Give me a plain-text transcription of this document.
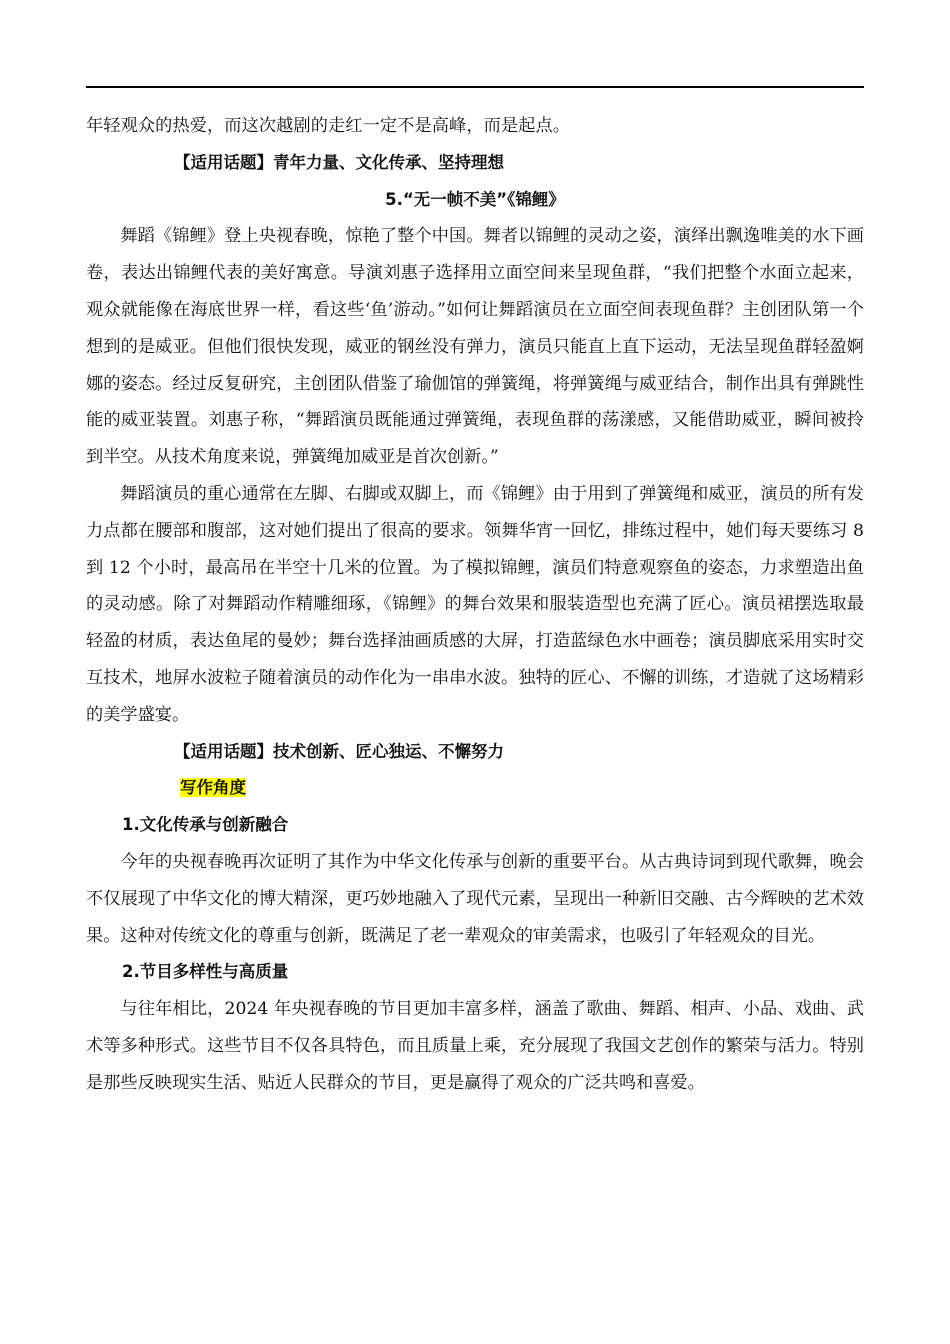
年轻观众的热爱，而这次越剧的走红一定不是高峰，而是起点。
【适用话题】青年力量、文化传承、坚持理想
5.“无一帧不美”《锦鲤》

舞蹈《锦鲤》登上央视春晚，惊艳了整个中国。舞者以锦鲤的灵动之姿，演绎出飘逸唯美的水下画卷，表达出锦鲤代表的美好寓意。导演刘惠子选择用立面空间来呈现鱼群，“我们把整个水面立起来，观众就能像在海底世界一样，看这些‘鱼’游动。”如何让舞蹈演员在立面空间表现鱼群？主创团队第一个想到的是威亚。但他们很快发现，威亚的钢丝没有弹力，演员只能直上直下运动，无法呈现鱼群轻盈婀娜的姿态。经过反复研究，主创团队借鉴了瑜伽馆的弹簧绳，将弹簧绳与威亚结合，制作出具有弹跳性能的威亚装置。刘惠子称，“舞蹈演员既能通过弹簧绳，表现鱼群的荡漾感，又能借助威亚，瞬间被拎到半空。从技术角度来说，弹簧绳加威亚是首次创新。”

舞蹈演员的重心通常在左脚、右脚或双脚上，而《锦鲤》由于用到了弹簧绳和威亚，演员的所有发力点都在腰部和腹部，这对她们提出了很高的要求。领舞华宵一回忆，排练过程中，她们每天要练习 8 到 12 个小时，最高吊在半空十几米的位置。为了模拟锦鲤，演员们特意观察鱼的姿态，力求塑造出鱼的灵动感。除了对舞蹈动作精雕细琢，《锦鲤》的舞台效果和服装造型也充满了匠心。演员裙摆选取最轻盈的材质，表达鱼尾的曼妙；舞台选择油画质感的大屏，打造蓝绿色水中画卷；演员脚底采用实时交互技术，地屏水波粒子随着演员的动作化为一串串水波。独特的匠心、不懈的训练，才造就了这场精彩的美学盛宴。

【适用话题】技术创新、匠心独运、不懈努力
写作角度
1.文化传承与创新融合

今年的央视春晚再次证明了其作为中华文化传承与创新的重要平台。从古典诗词到现代歌舞，晚会不仅展现了中华文化的博大精深，更巧妙地融入了现代元素，呈现出一种新旧交融、古今辉映的艺术效果。这种对传统文化的尊重与创新，既满足了老一辈观众的审美需求，也吸引了年轻观众的目光。

2.节目多样性与高质量

与往年相比，2024 年央视春晚的节目更加丰富多样，涵盖了歌曲、舞蹈、相声、小品、戏曲、武术等多种形式。这些节目不仅各具特色，而且质量上乘，充分展现了我国文艺创作的繁荣与活力。特别是那些反映现实生活、贴近人民群众的节目，更是赢得了观众的广泛共鸣和喜爱。
